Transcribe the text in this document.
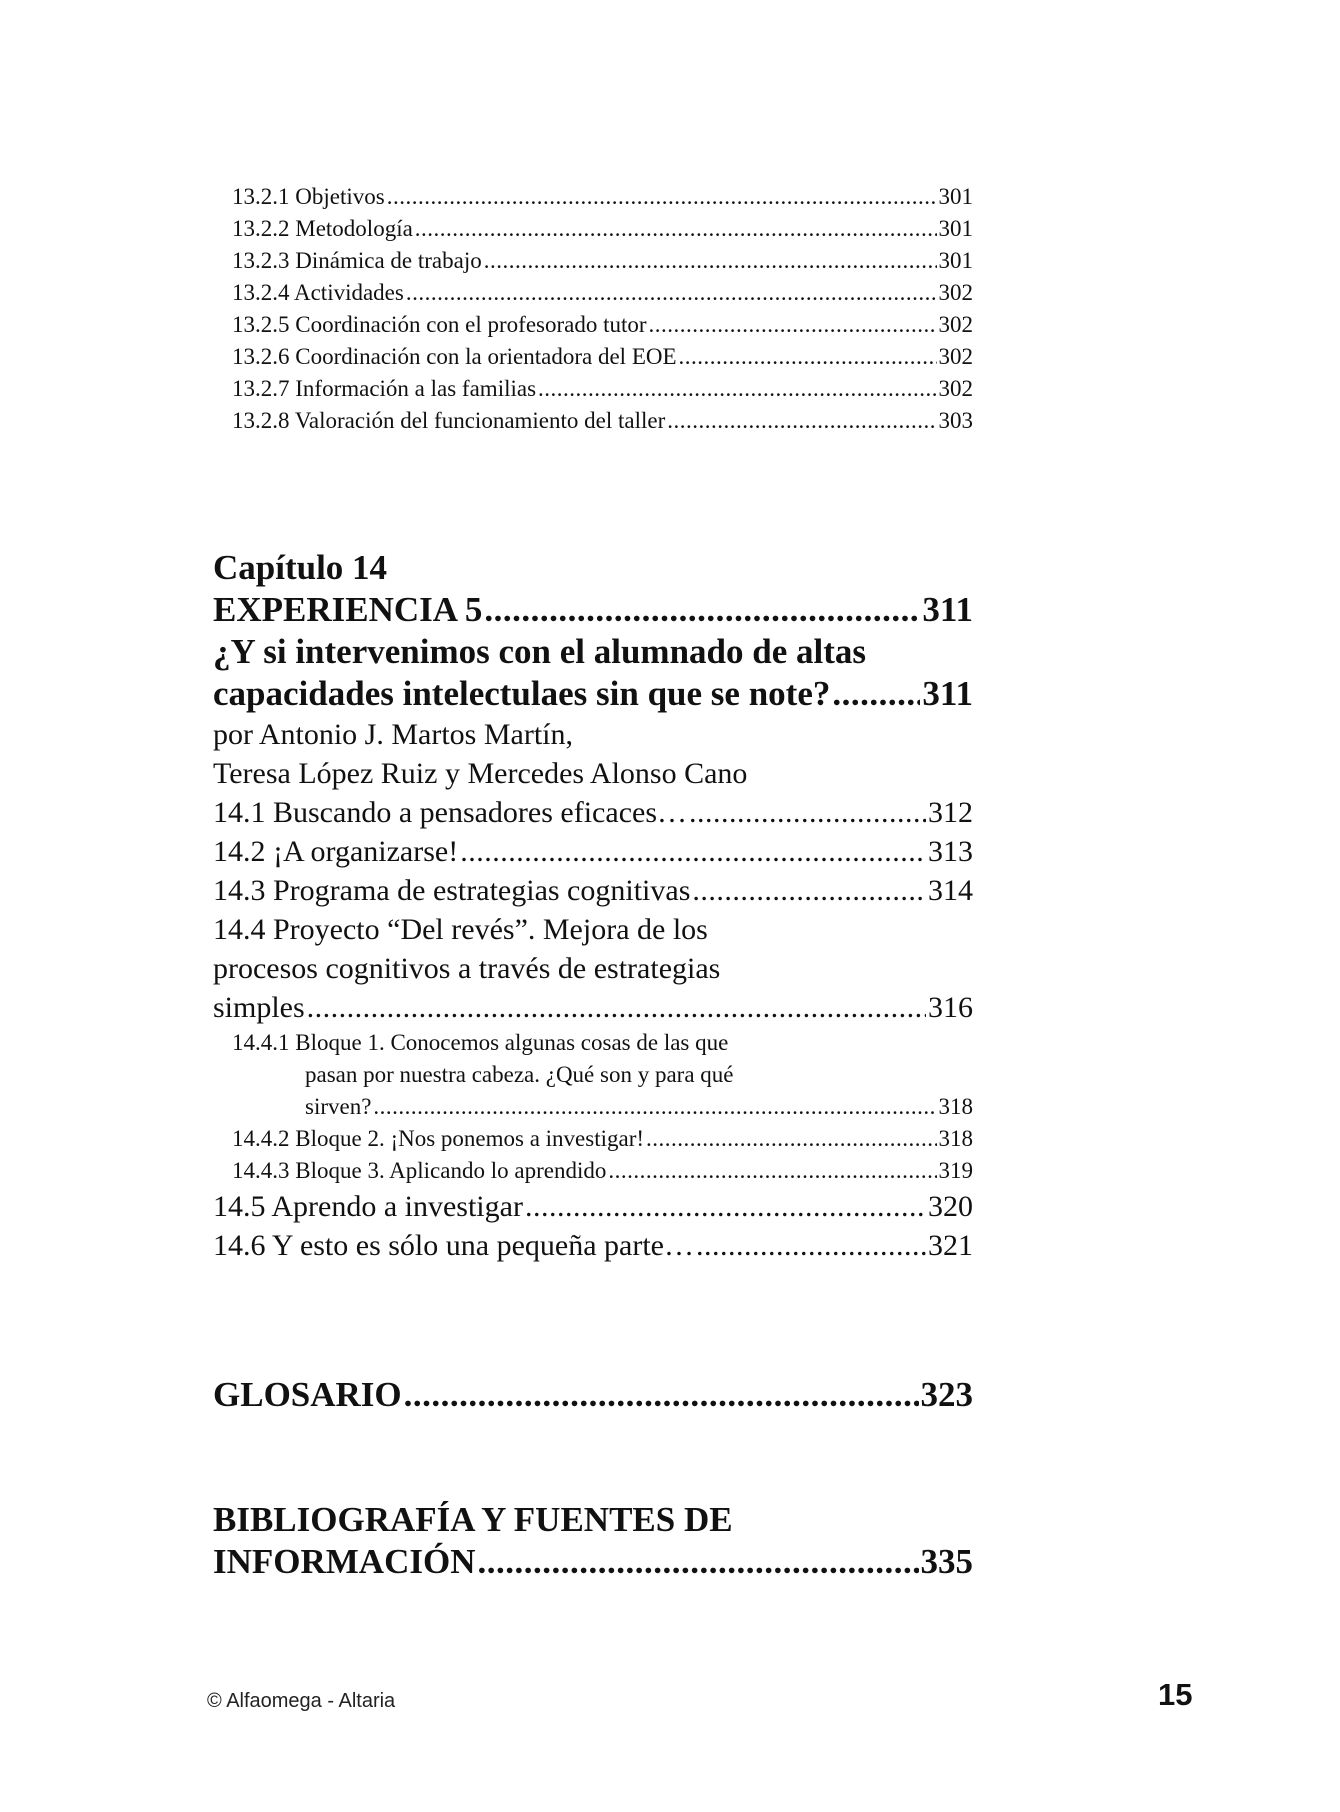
13.2.1 Objetivos .....	301
13.2.2 Metodología .....	301
13.2.3 Dinámica de trabajo .....	301
13.2.4 Actividades .....	302
13.2.5 Coordinación con el profesorado tutor .....	302
13.2.6 Coordinación con la orientadora del EOE .....	302
13.2.7 Información a las familias .....	302
13.2.8 Valoración del funcionamiento del taller .....	303
Capítulo 14
EXPERIENCIA 5 .....	311
¿Y si intervenimos con el alumnado de altas
capacidades intelectulaes sin que se note? .....	311
por Antonio J. Martos Martín,
Teresa López Ruiz y Mercedes Alonso Cano
14.1 Buscando a pensadores eficaces… .....	312
14.2 ¡A organizarse! .....	313
14.3 Programa de estrategias cognitivas .....	314
14.4 Proyecto “Del revés”. Mejora de los
procesos cognitivos a través de estrategias
simples .....	316
14.4.1 Bloque 1. Conocemos algunas cosas de las que
pasan por nuestra cabeza. ¿Qué son y para qué
sirven? .....	318
14.4.2 Bloque 2. ¡Nos ponemos a investigar! .....	318
14.4.3 Bloque 3. Aplicando lo aprendido .....	319
14.5 Aprendo a investigar .....	320
14.6 Y esto es sólo una pequeña parte… .....	321
GLOSARIO .....	323
BIBLIOGRAFÍA Y FUENTES DE
INFORMACIÓN .....	335
© Alfaomega - Altaria	15
